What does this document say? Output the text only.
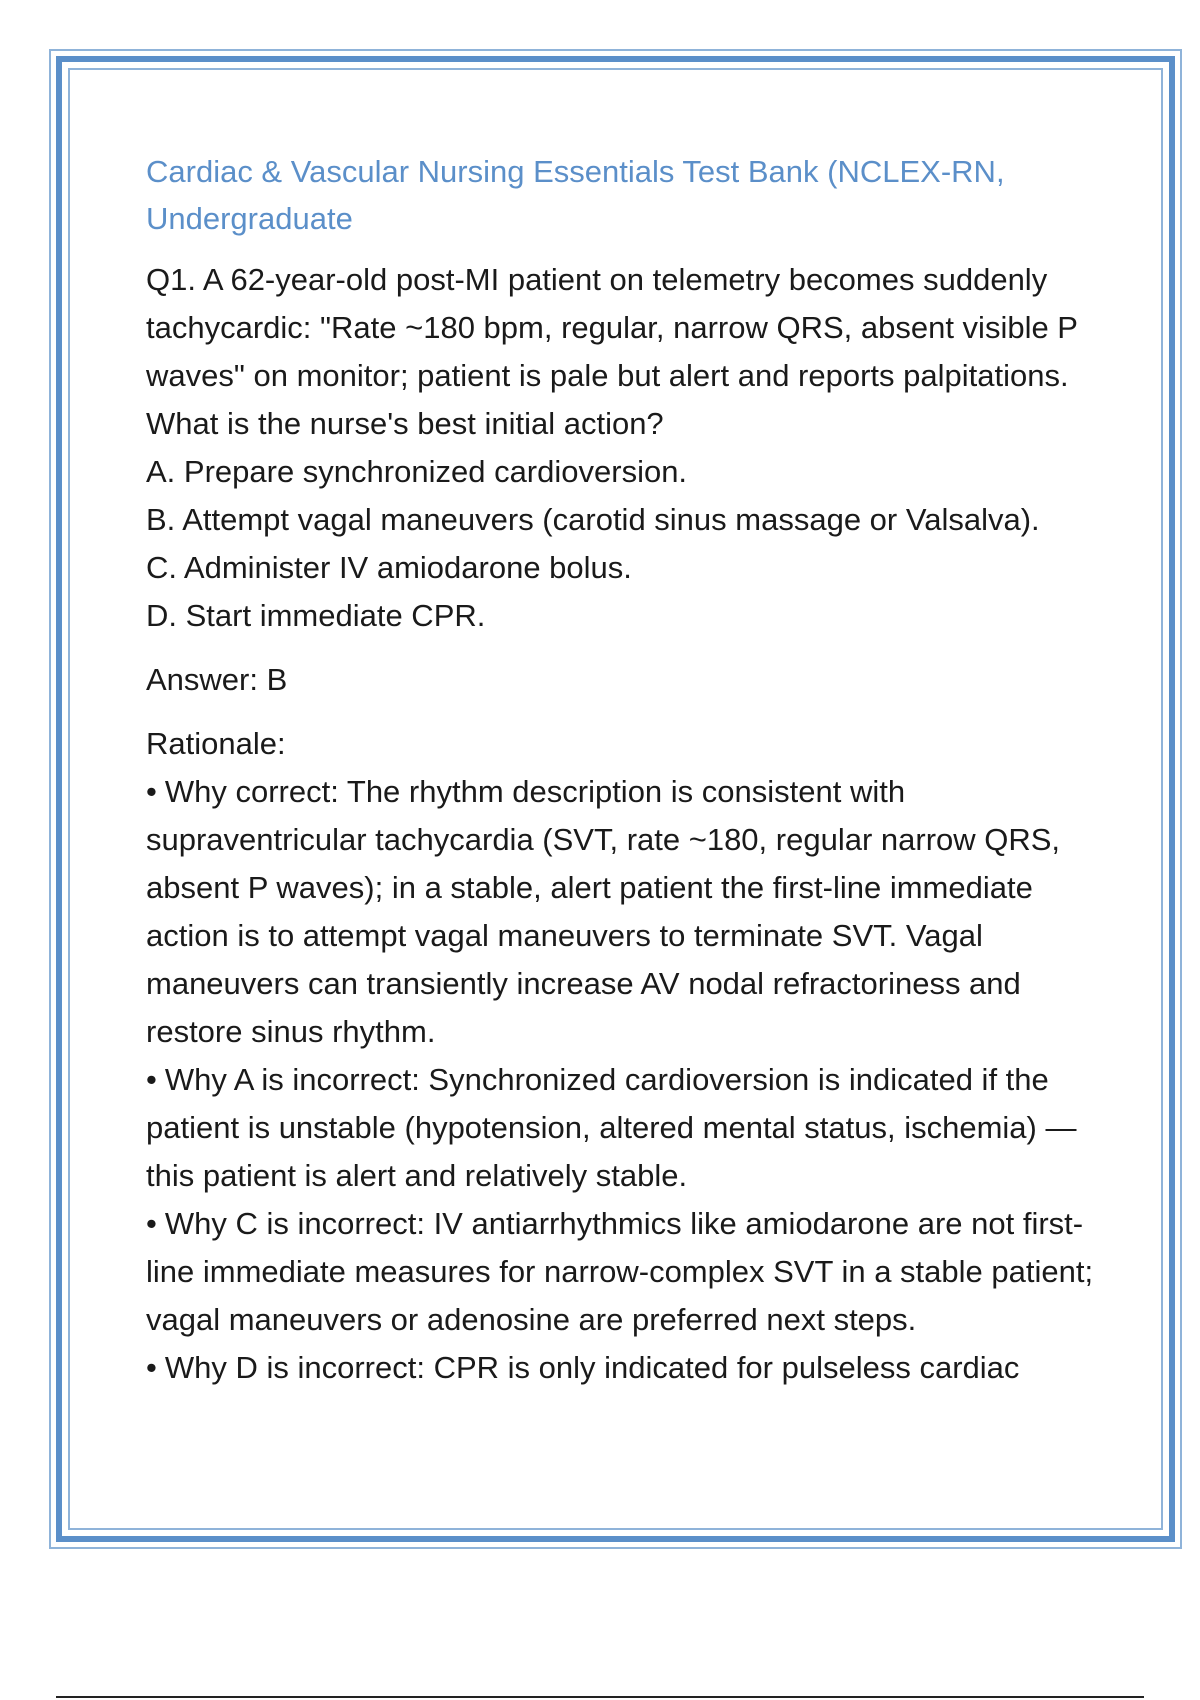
Cardiac & Vascular Nursing Essentials Test Bank (NCLEX-RN, Undergraduate

Q1. A 62-year-old post-MI patient on telemetry becomes suddenly tachycardic: "Rate ~180 bpm, regular, narrow QRS, absent visible P waves" on monitor; patient is pale but alert and reports palpitations. What is the nurse's best initial action?

A. Prepare synchronized cardioversion.
B. Attempt vagal maneuvers (carotid sinus massage or Valsalva).
C. Administer IV amiodarone bolus.
D. Start immediate CPR.

Answer: B

Rationale:
• Why correct: The rhythm description is consistent with supraventricular tachycardia (SVT, rate ~180, regular narrow QRS, absent P waves); in a stable, alert patient the first-line immediate action is to attempt vagal maneuvers to terminate SVT. Vagal maneuvers can transiently increase AV nodal refractoriness and restore sinus rhythm.
• Why A is incorrect: Synchronized cardioversion is indicated if the patient is unstable (hypotension, altered mental status, ischemia) — this patient is alert and relatively stable.
• Why C is incorrect: IV antiarrhythmics like amiodarone are not first-line immediate measures for narrow-complex SVT in a stable patient; vagal maneuvers or adenosine are preferred next steps.
• Why D is incorrect: CPR is only indicated for pulseless cardiac
